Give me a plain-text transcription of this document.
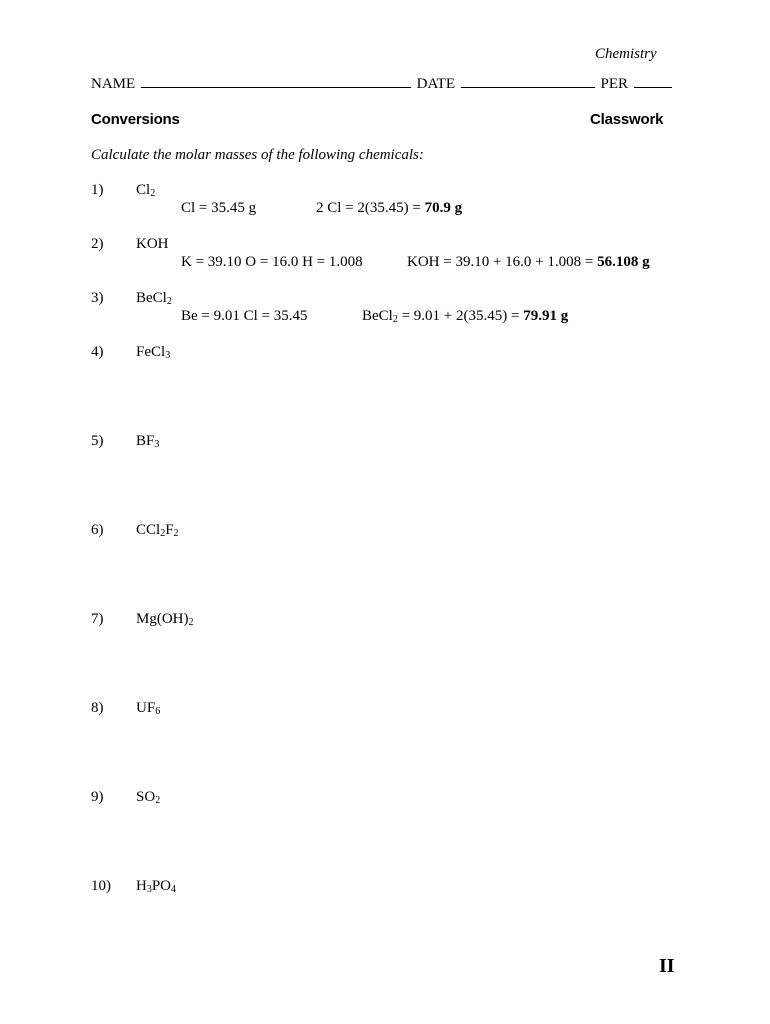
Chemistry
NAME	DATE	PER
Conversions	Classwork
Calculate the molar masses of the following chemicals:
1) $Cl_2$
Cl = 35.45 g	2 Cl = 2(35.45) = 70.9 g
2) KOH
K = 39.10 O = 16.0 H = 1.008	KOH = 39.10 + 16.0 + 1.008 = 56.108 g
3) BeCl$_2$
Be = 9.01 Cl = 35.45	BeCl$_2$ = 9.01 + 2(35.45) = 79.91 g
4) FeCl$_3$
5) $BF_3$
6) $CCl_2F_2$
7) $Mg(OH)_2$
8) $UF_6$
9) $SO_2$
10) $H_3PO_4$
II
